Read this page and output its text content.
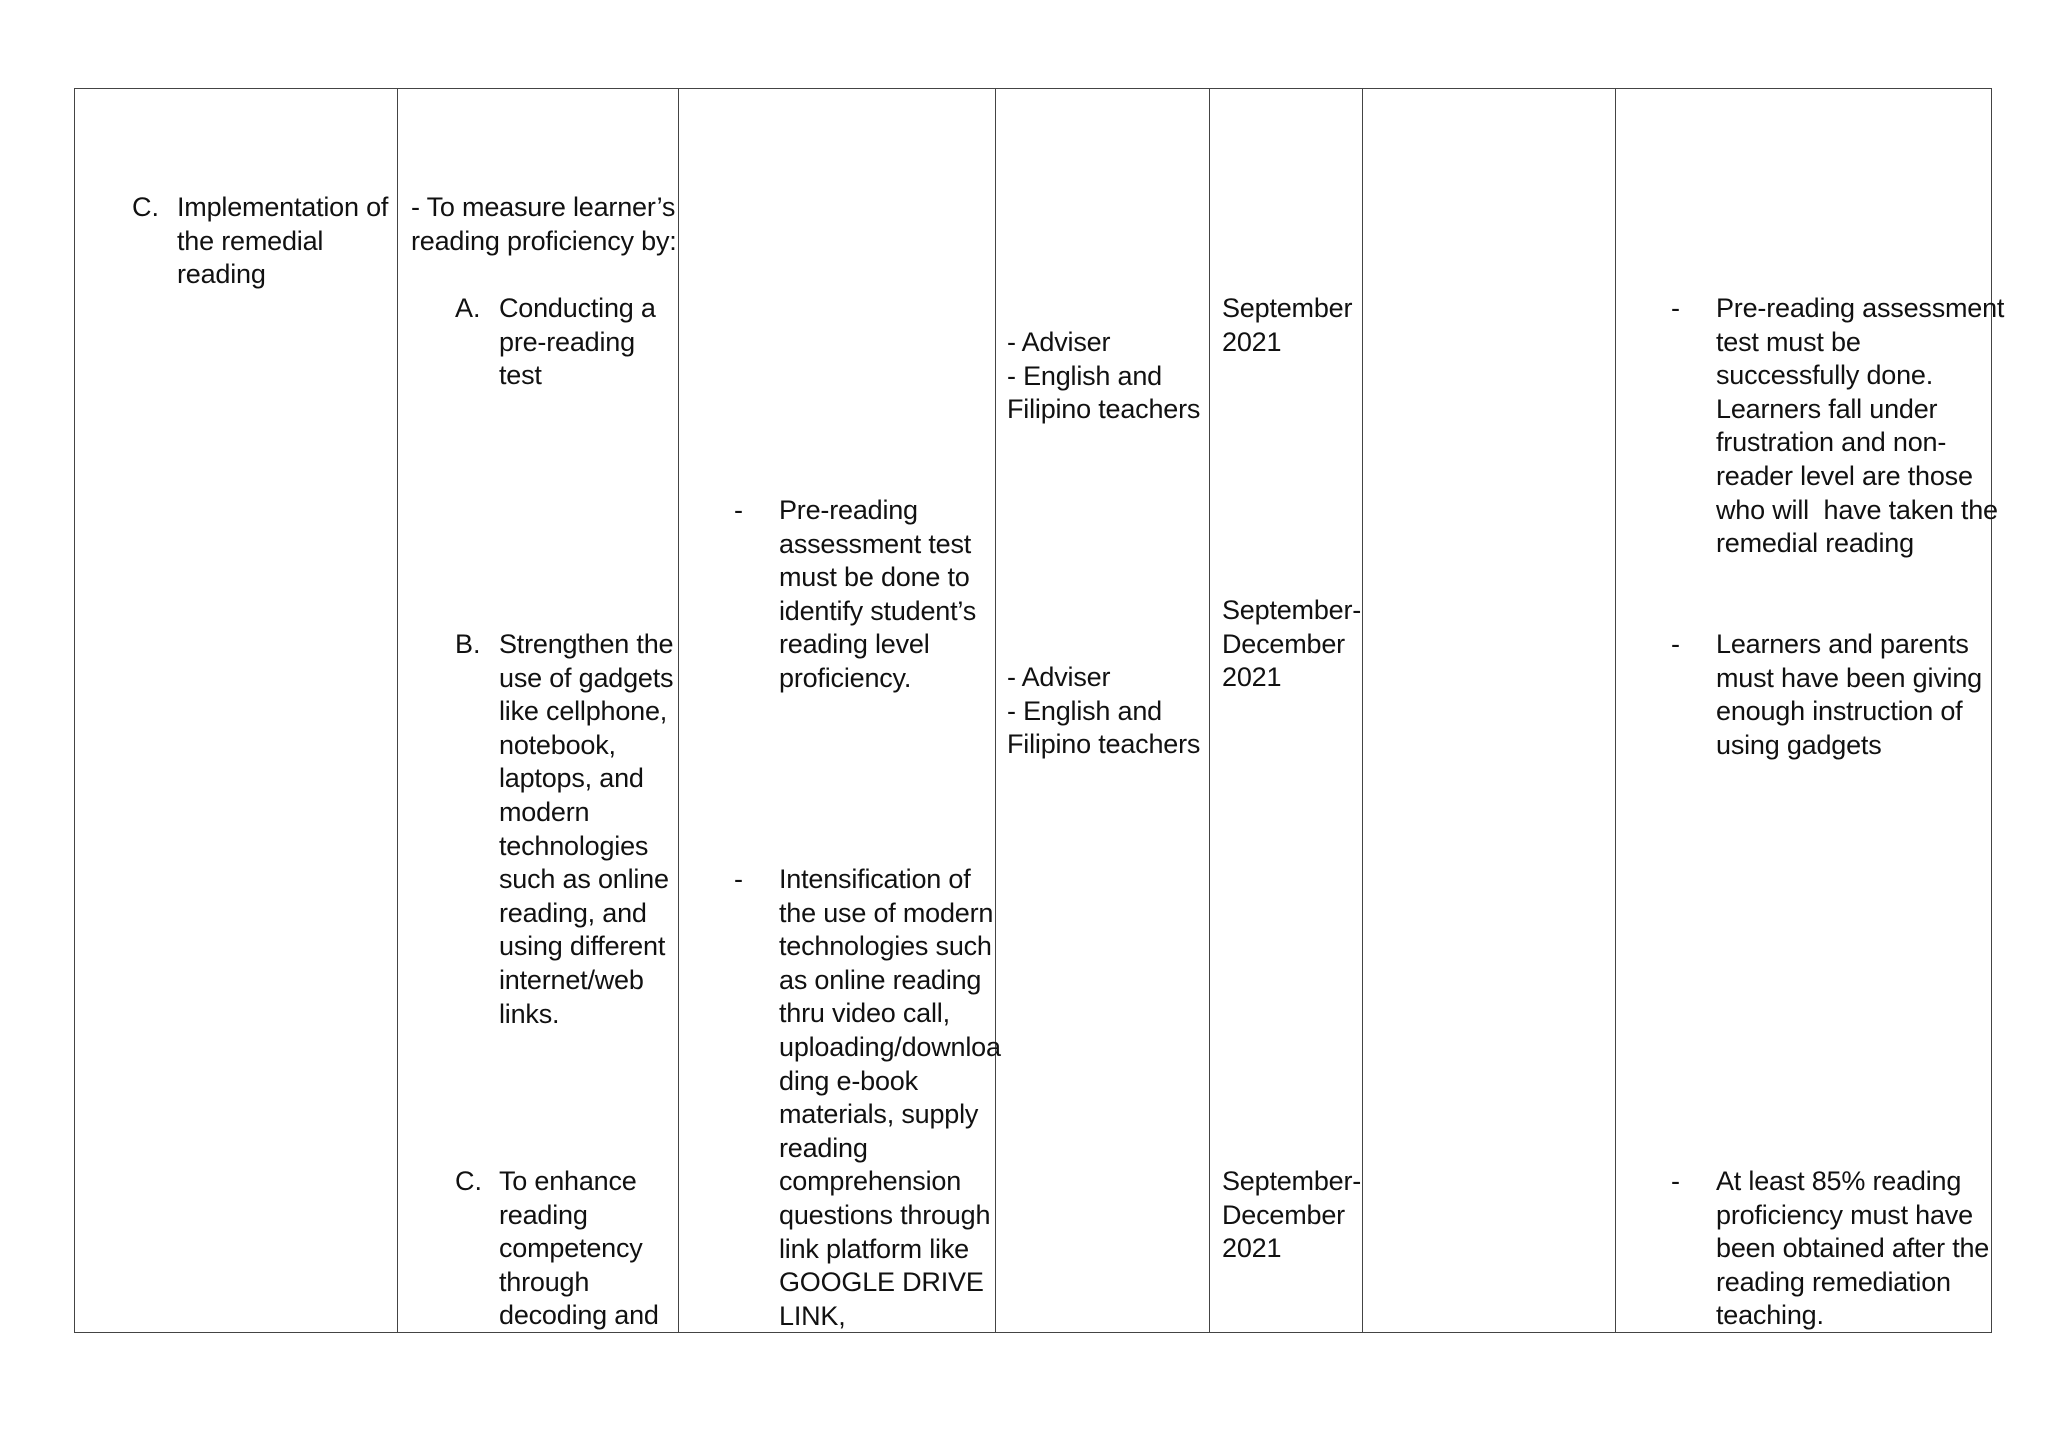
C. Implementation of
the remedial
reading
- To measure learner’s
reading proficiency by:
A. Conducting a
pre-reading
test
B. Strengthen the
use of gadgets
like cellphone,
notebook,
laptops, and
modern
technologies
such as online
reading, and
using different
internet/web
links.
C. To enhance
reading
competency
through
decoding and
- Pre-reading
assessment test
must be done to
identify student’s
reading level
proficiency.
- Intensification of
the use of modern
technologies such
as online reading
thru video call,
uploading/downloa
ding e-book
materials, supply
reading
comprehension
questions through
link platform like
GOOGLE DRIVE
LINK,
- Adviser
- English and
Filipino teachers
- Adviser
- English and
Filipino teachers
September
2021
September-
December
2021
September-
December
2021
- Pre-reading assessment
test must be
successfully done.
Learners fall under
frustration and non-
reader level are those
who will  have taken the
remedial reading
- Learners and parents
must have been giving
enough instruction of
using gadgets
- At least 85% reading
proficiency must have
been obtained after the
reading remediation
teaching.
